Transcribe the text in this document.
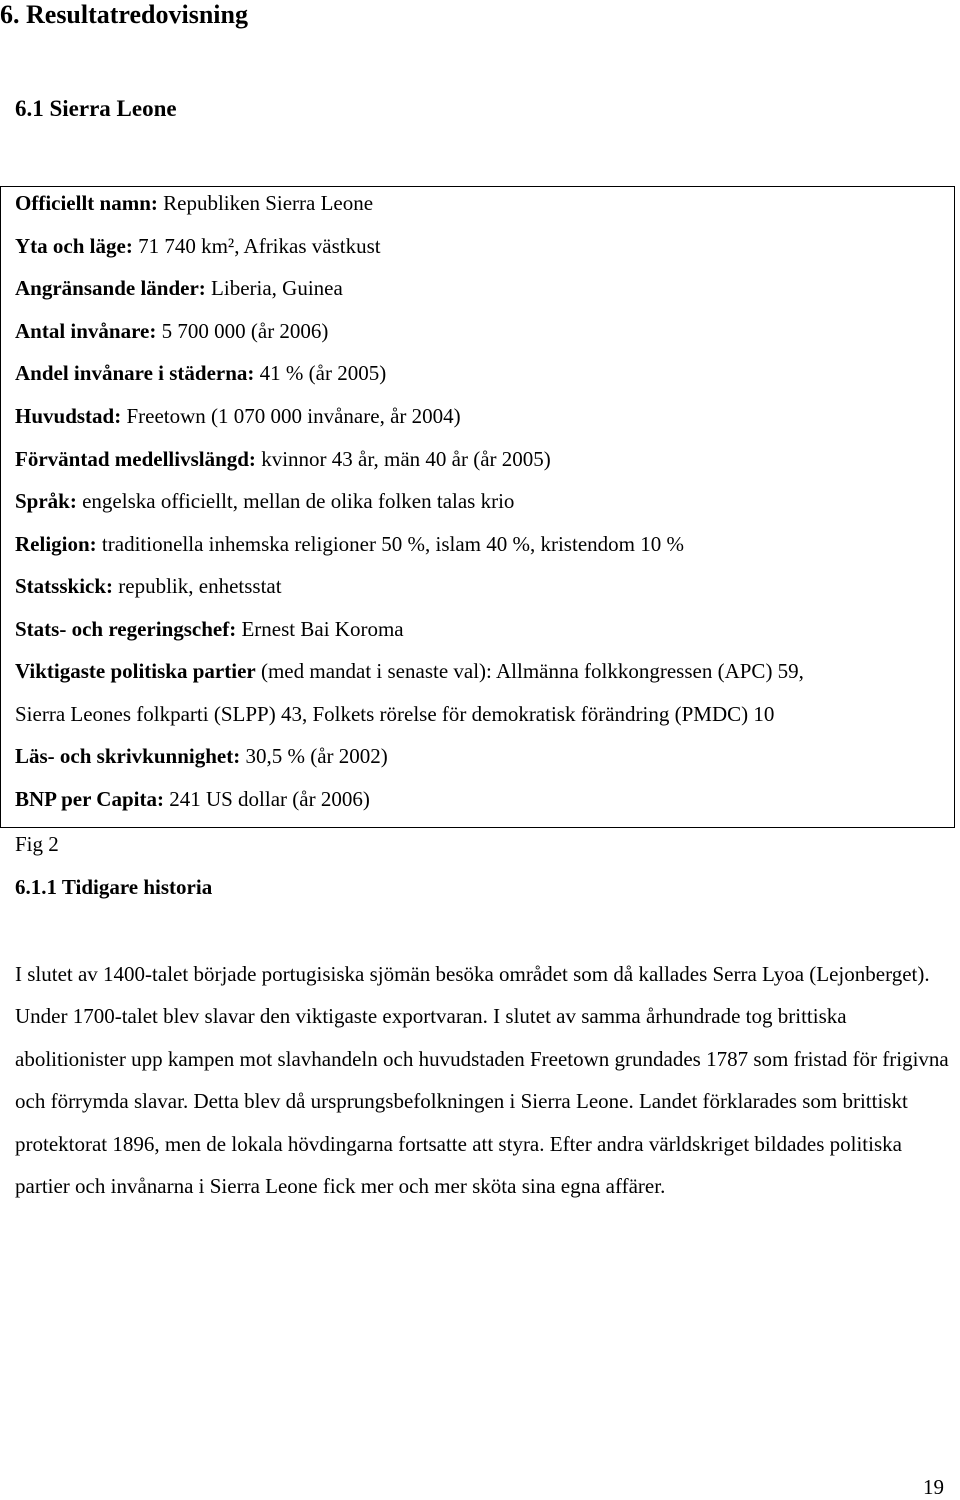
6. Resultatredovisning
6.1 Sierra Leone
Officiellt namn: Republiken Sierra Leone
Yta och läge: 71 740 km², Afrikas västkust
Angränsande länder: Liberia, Guinea
Antal invånare: 5 700 000 (år 2006)
Andel invånare i städerna: 41 % (år 2005)
Huvudstad: Freetown (1 070 000 invånare, år 2004)
Förväntad medellivslängd: kvinnor 43 år, män 40 år (år 2005)
Språk: engelska officiellt, mellan de olika folken talas krio
Religion: traditionella inhemska religioner 50 %, islam 40 %, kristendom 10 %
Statsskick: republik, enhetsstat
Stats- och regeringschef: Ernest Bai Koroma
Viktigaste politiska partier (med mandat i senaste val): Allmänna folkkongressen (APC) 59,
Sierra Leones folkparti (SLPP) 43, Folkets rörelse för demokratisk förändring (PMDC) 10
Läs- och skrivkunnighet: 30,5 % (år 2002)
BNP per Capita: 241 US dollar (år 2006)
Fig 2
6.1.1 Tidigare historia

I slutet av 1400-talet började portugisiska sjömän besöka området som då kallades Serra Lyoa (Lejonberget). Under 1700-talet blev slavar den viktigaste exportvaran. I slutet av samma århundrade tog brittiska abolitionister upp kampen mot slavhandeln och huvudstaden Freetown grundades 1787 som fristad för frigivna och förrymda slavar. Detta blev då ursprungsbefolkningen i Sierra Leone. Landet förklarades som brittiskt protektorat 1896, men de lokala hövdingarna fortsatte att styra. Efter andra världskriget bildades politiska partier och invånarna i Sierra Leone fick mer och mer sköta sina egna affärer.

19
